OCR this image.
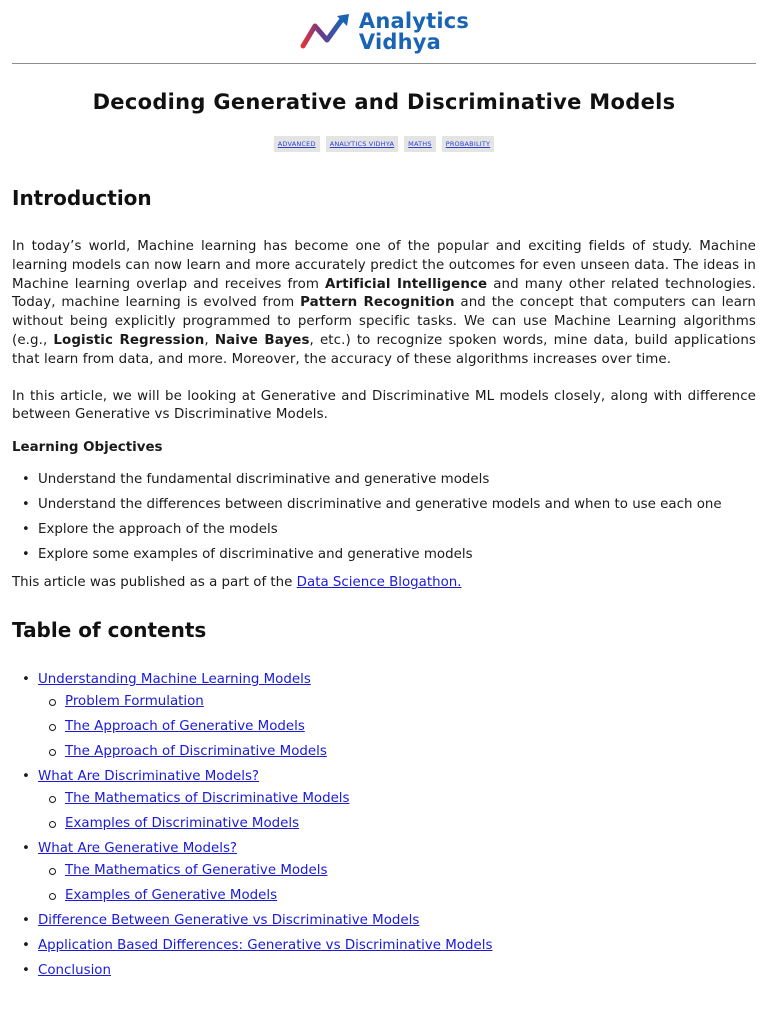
Analytics
Vidhya
Decoding Generative and Discriminative Models
ADVANCED	ANALYTICS VIDHYA	MATHS	PROBABILITY
Introduction

In today’s world, Machine learning has become one of the popular and exciting fields of study. Machine learning models can now learn and more accurately predict the outcomes for even unseen data. The ideas in Machine learning overlap and receives from Artificial Intelligence and many other related technologies. Today, machine learning is evolved from Pattern Recognition and the concept that computers can learn without being explicitly programmed to perform specific tasks. We can use Machine Learning algorithms (e.g., Logistic Regression, Naive Bayes, etc.) to recognize spoken words, mine data, build applications that learn from data, and more. Moreover, the accuracy of these algorithms increases over time.

In this article, we will be looking at Generative and Discriminative ML models closely, along with difference between Generative vs Discriminative Models.

Learning Objectives
• Understand the fundamental discriminative and generative models
• Understand the differences between discriminative and generative models and when to use each one
• Explore the approach of the models
• Explore some examples of discriminative and generative models

This article was published as a part of the Data Science Blogathon.

Table of contents
• Understanding Machine Learning Models
Problem Formulation
The Approach of Generative Models
The Approach of Discriminative Models
• What Are Discriminative Models?
The Mathematics of Discriminative Models
Examples of Discriminative Models
• What Are Generative Models?
The Mathematics of Generative Models
Examples of Generative Models
• Difference Between Generative vs Discriminative Models
• Application Based Differences: Generative vs Discriminative Models
• Conclusion
